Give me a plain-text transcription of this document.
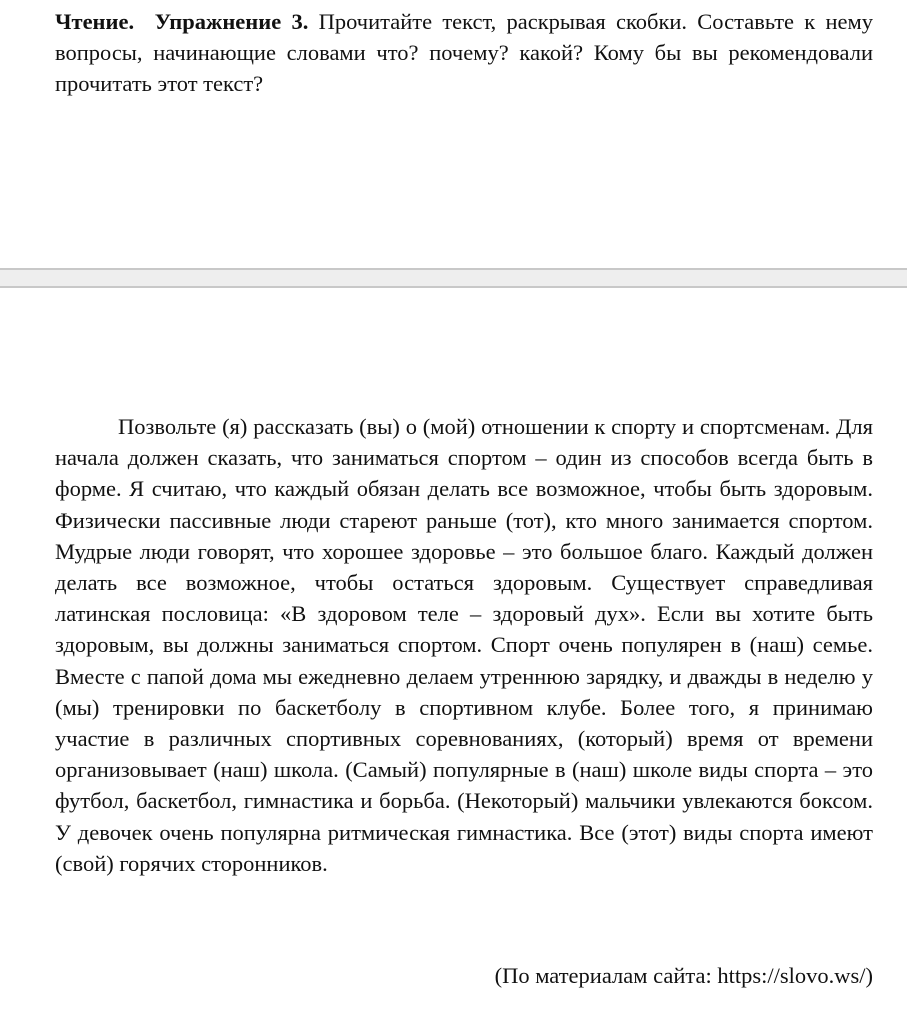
Чтение. Упражнение 3. Прочитайте текст, раскрывая скобки. Составьте к нему вопросы, начинающие словами что? почему? какой? Кому бы вы рекомендовали прочитать этот текст?

Позвольте (я) рассказать (вы) о (мой) отношении к спорту и спортсменам. Для начала должен сказать, что заниматься спортом – один из способов всегда быть в форме. Я считаю, что каждый обязан делать все возможное, чтобы быть здоровым. Физически пассивные люди стареют раньше (тот), кто много занимается спортом. Мудрые люди говорят, что хорошее здоровье – это большое благо. Каждый должен делать все возможное, чтобы остаться здоровым. Существует справедливая латинская пословица: «В здоровом теле – здоровый дух». Если вы хотите быть здоровым, вы должны заниматься спортом. Спорт очень популярен в (наш) семье. Вместе с папой дома мы ежедневно делаем утреннюю зарядку, и дважды в неделю у (мы) тренировки по баскетболу в спортивном клубе. Более того, я принимаю участие в различных спортивных соревнованиях, (который) время от времени организовывает (наш) школа. (Самый) популярные в (наш) школе виды спорта – это футбол, баскетбол, гимнастика и борьба. (Некоторый) мальчики увлекаются боксом. У девочек очень популярна ритмическая гимнастика. Все (этот) виды спорта имеют (свой) горячих сторонников.

(По материалам сайта: https://slovo.ws/)
